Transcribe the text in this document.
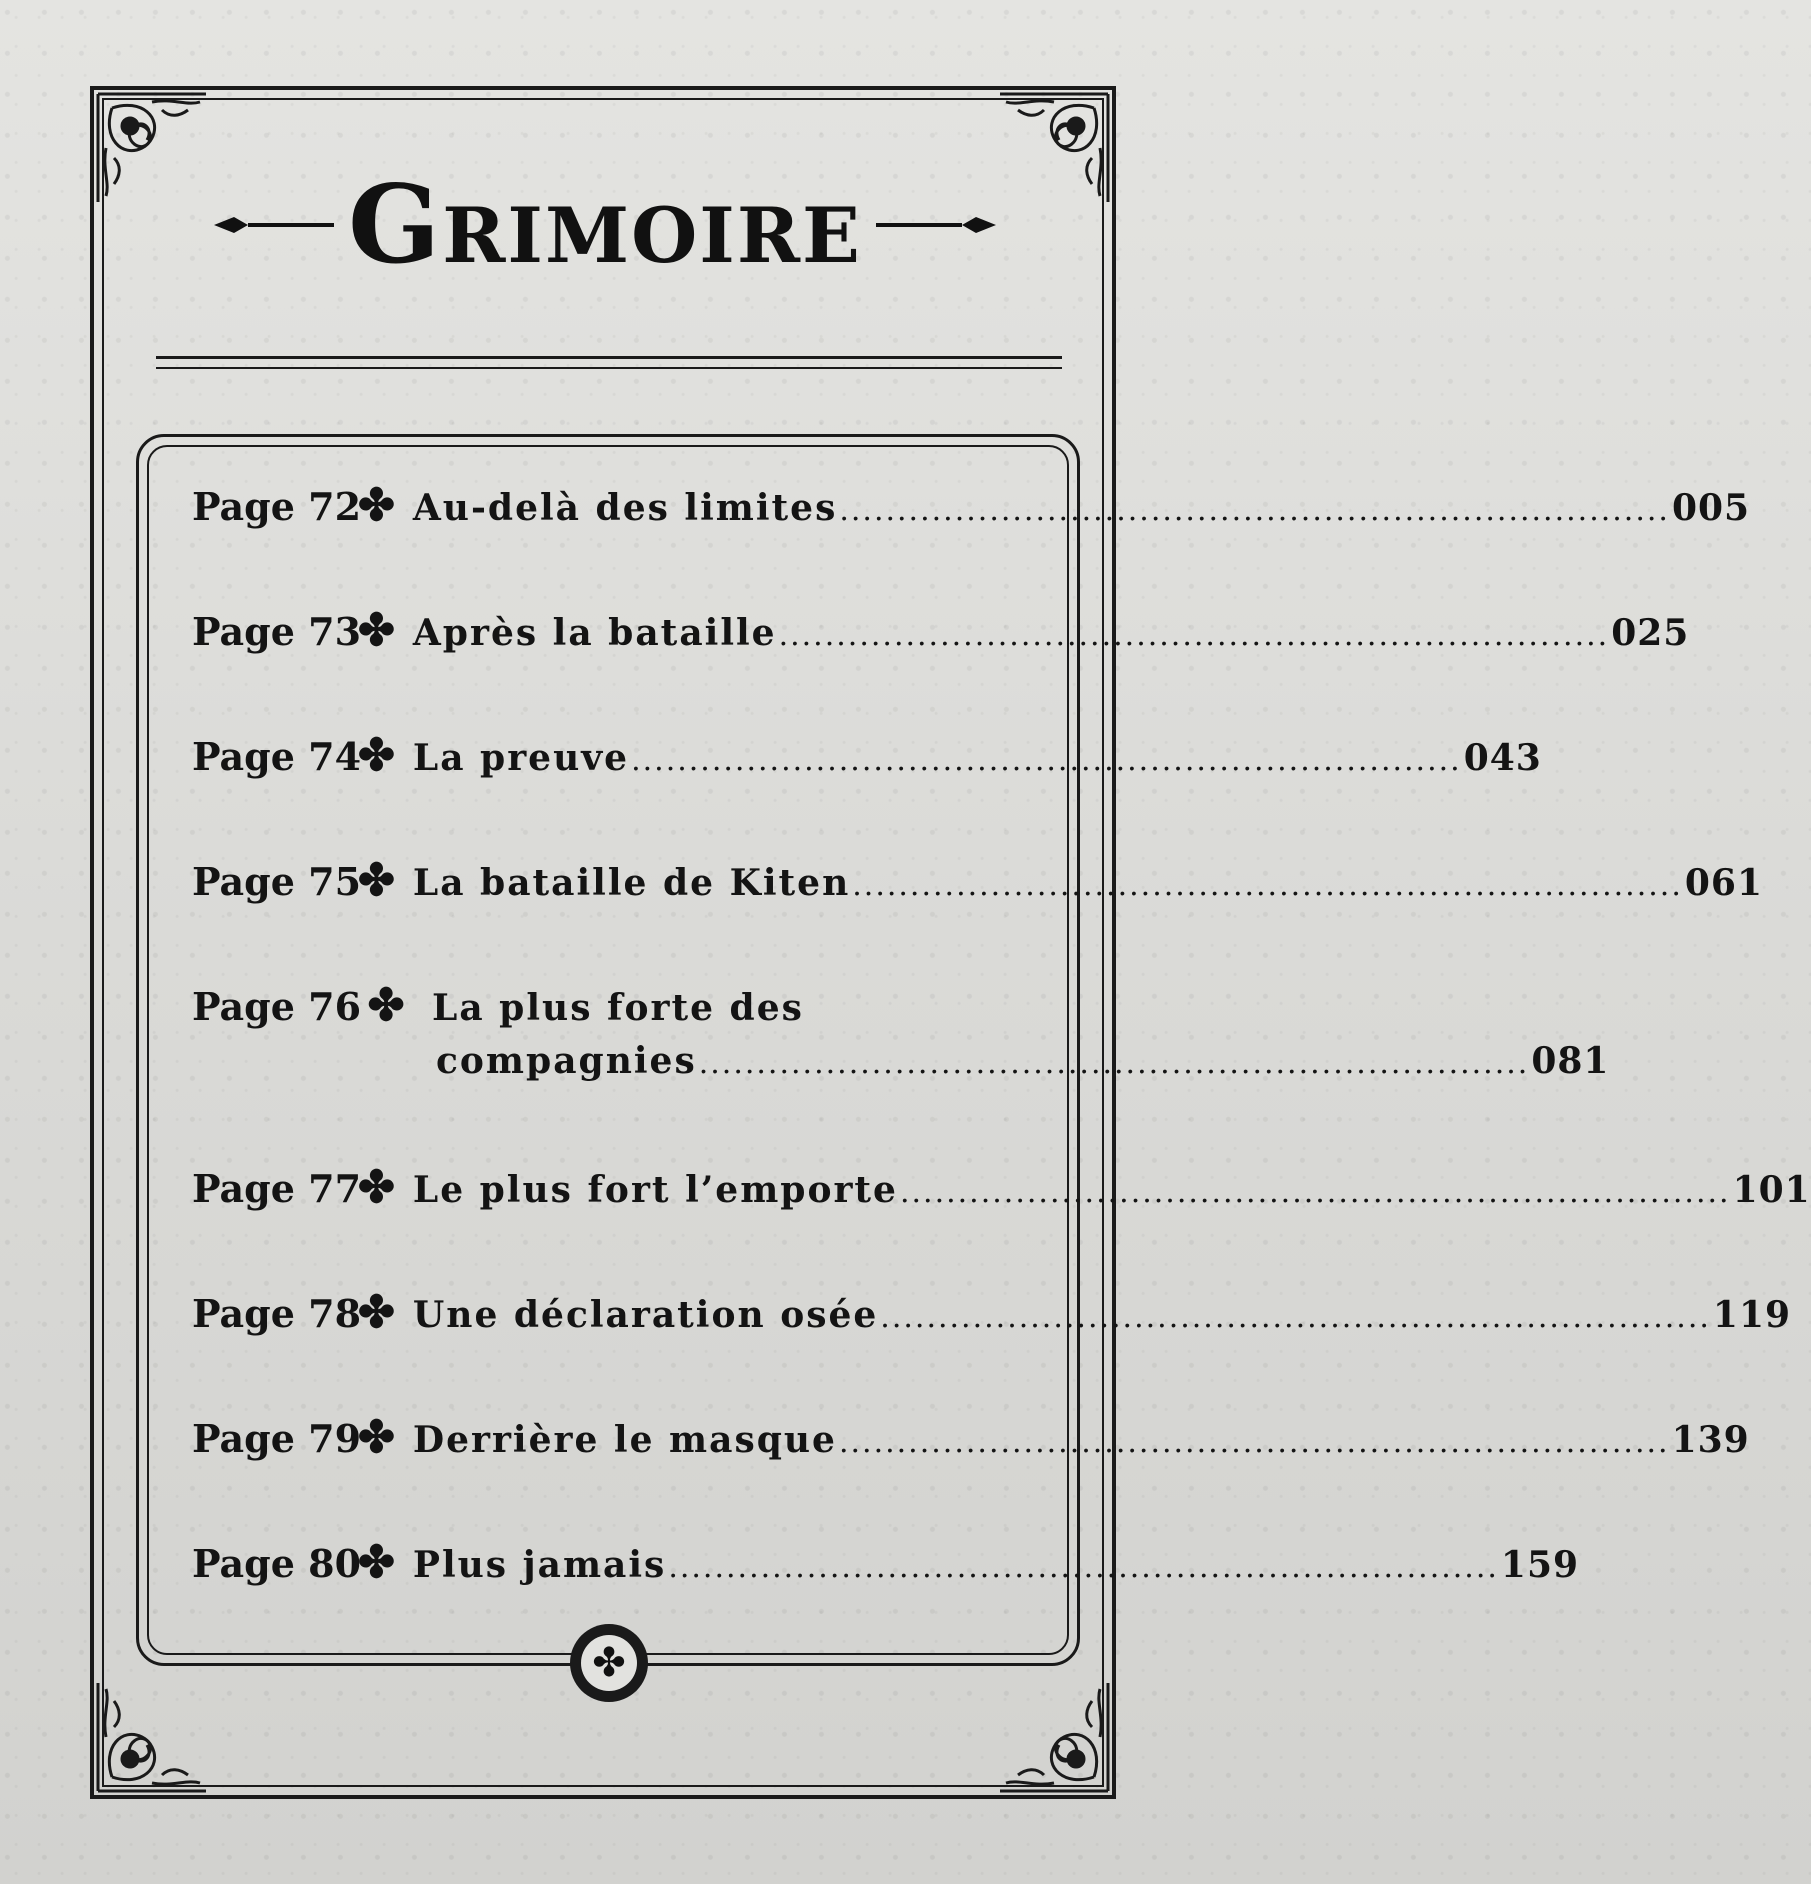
Grimoire
Page 72
✤ Au-delà des limites ........................................................................ 005
Page 73
✤ Après la bataille ........................................................................ 025
Page 74
✤ La preuve ........................................................................ 043
Page 75
✤ La bataille de Kiten ........................................................................ 061
Page 76 ✤ La plus forte des
compagnies ........................................................................ 081
Page 77
✤ Le plus fort l’emporte ........................................................................ 101
Page 78
✤ Une déclaration osée ........................................................................ 119
Page 79
✤ Derrière le masque ........................................................................ 139
Page 80
✤ Plus jamais ........................................................................ 159
✤
